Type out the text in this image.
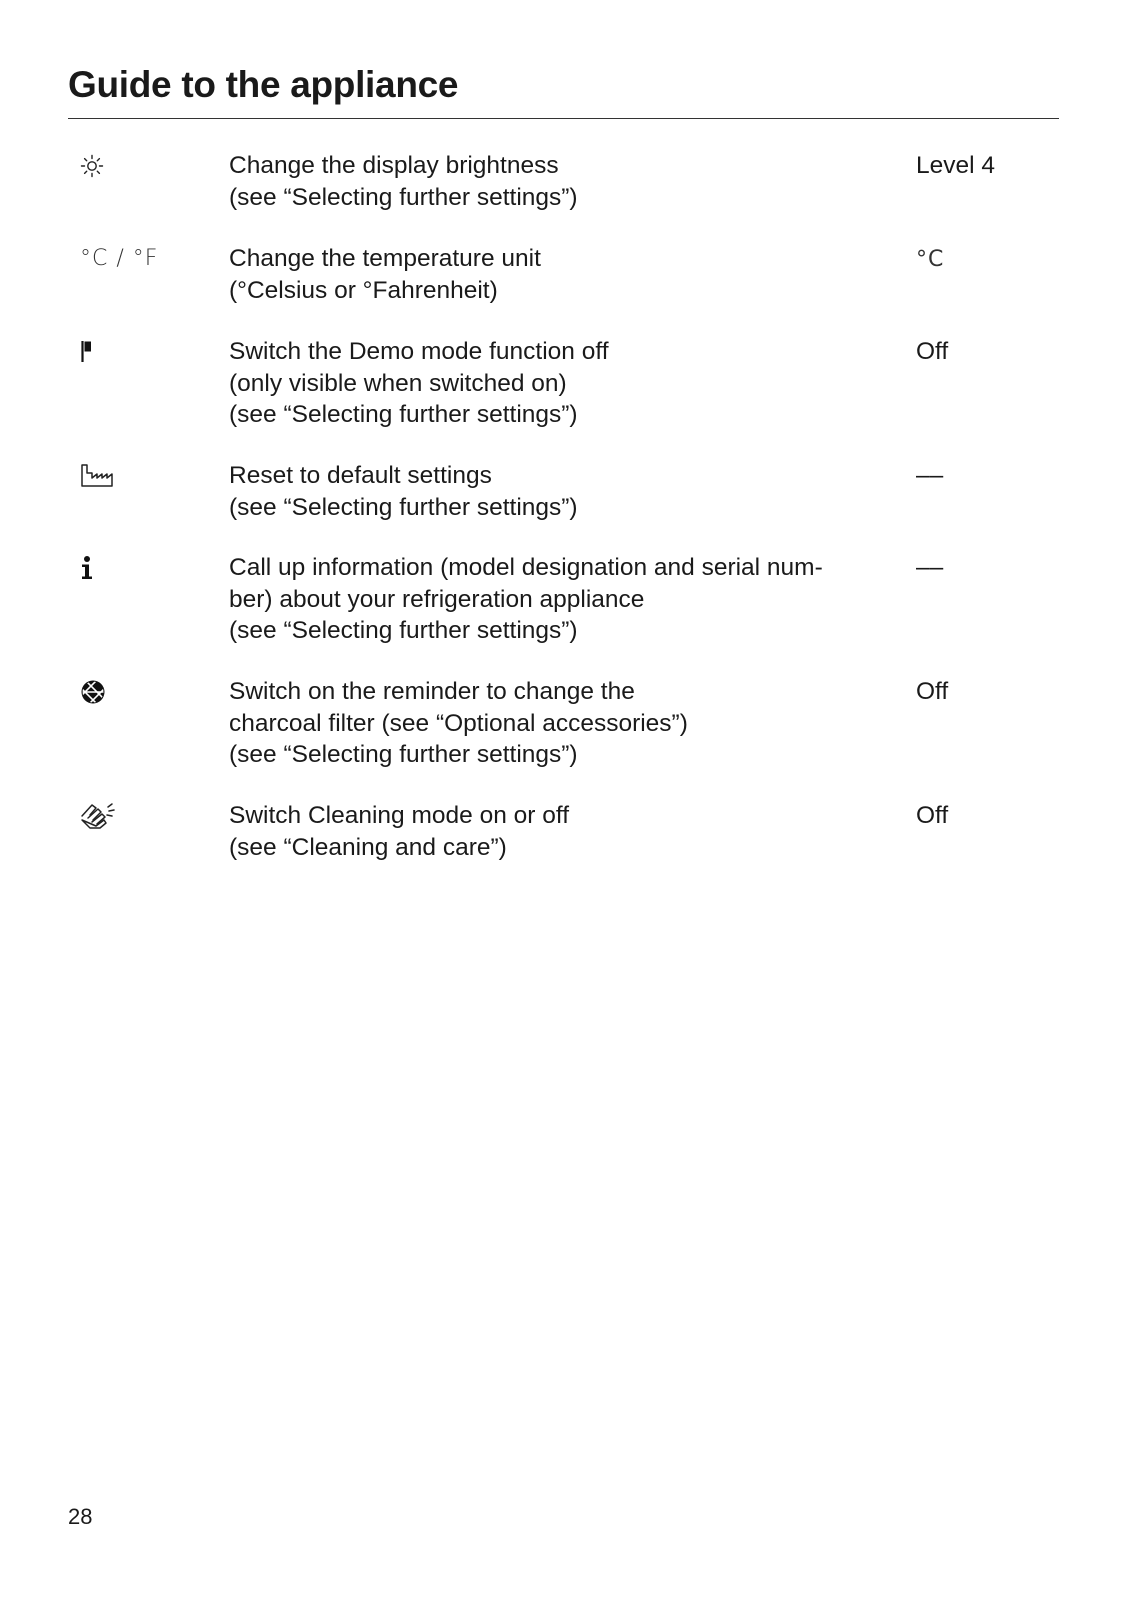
Guide to the appliance
Change the display brightness
(see “Selecting further settings”)
Level 4
°C / °F	Change the temperature unit
(°Celsius or °Fahrenheit)
°C
Switch the Demo mode function off
(only visible when switched on)
(see “Selecting further settings”)
Off
Reset to default settings
(see “Selecting further settings”)
––
Call up information (model designation and serial num-
ber) about your refrigeration appliance
(see “Selecting further settings”)
––
Switch on the reminder to change the
charcoal filter (see “Optional accessories”)
(see “Selecting further settings”)
Off
Switch Cleaning mode on or off
(see “Cleaning and care”)
Off
28
